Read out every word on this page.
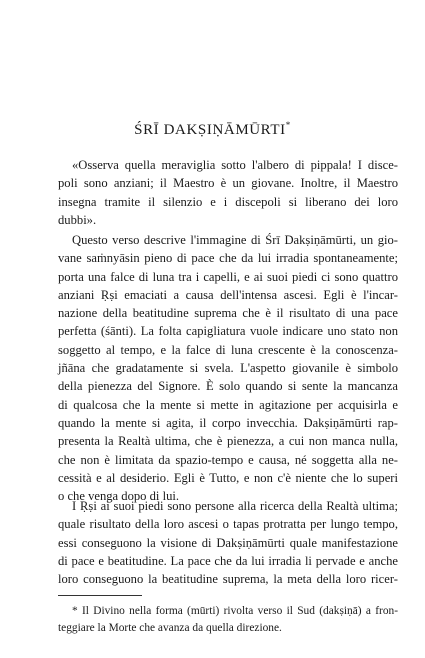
ŚRĪ DAKṢIṆĀMŪRTI*
«Osserva quella meraviglia sotto l'albero di pippala! I disce-
poli sono anziani; il Maestro è un giovane. Inoltre, il Maestro
insegna tramite il silenzio e i discepoli si liberano dei loro
dubbi».
Questo verso descrive l'immagine di Śrī Dakṣiṇāmūrti, un gio-
vane saṁnyāsin pieno di pace che da lui irradia spontaneamente;
porta una falce di luna tra i capelli, e ai suoi piedi ci sono quattro
anziani Ṛṣi emaciati a causa dell'intensa ascesi. Egli è l'incar-
nazione della beatitudine suprema che è il risultato di una pace
perfetta (śānti). La folta capigliatura vuole indicare uno stato non
soggetto al tempo, e la falce di luna crescente è la conoscenza-
jñāna che gradatamente si svela. L'aspetto giovanile è simbolo
della pienezza del Signore. È solo quando si sente la mancanza
di qualcosa che la mente si mette in agitazione per acquisirla e
quando la mente si agita, il corpo invecchia. Dakṣiṇāmūrti rap-
presenta la Realtà ultima, che è pienezza, a cui non manca nulla,
che non è limitata da spazio-tempo e causa, né soggetta alla ne-
cessità e al desiderio. Egli è Tutto, e non c'è niente che lo superi
o che venga dopo di lui.
I Ṛṣi ai suoi piedi sono persone alla ricerca della Realtà ultima;
quale risultato della loro ascesi o tapas protratta per lungo tempo,
essi conseguono la visione di Dakṣiṇāmūrti quale manifestazione
di pace e beatitudine. La pace che da lui irradia li pervade e anche
loro conseguono la beatitudine suprema, la meta della loro ricer-
* Il Divino nella forma (mūrti) rivolta verso il Sud (dakṣiṇā) a fron-
teggiare la Morte che avanza da quella direzione.
